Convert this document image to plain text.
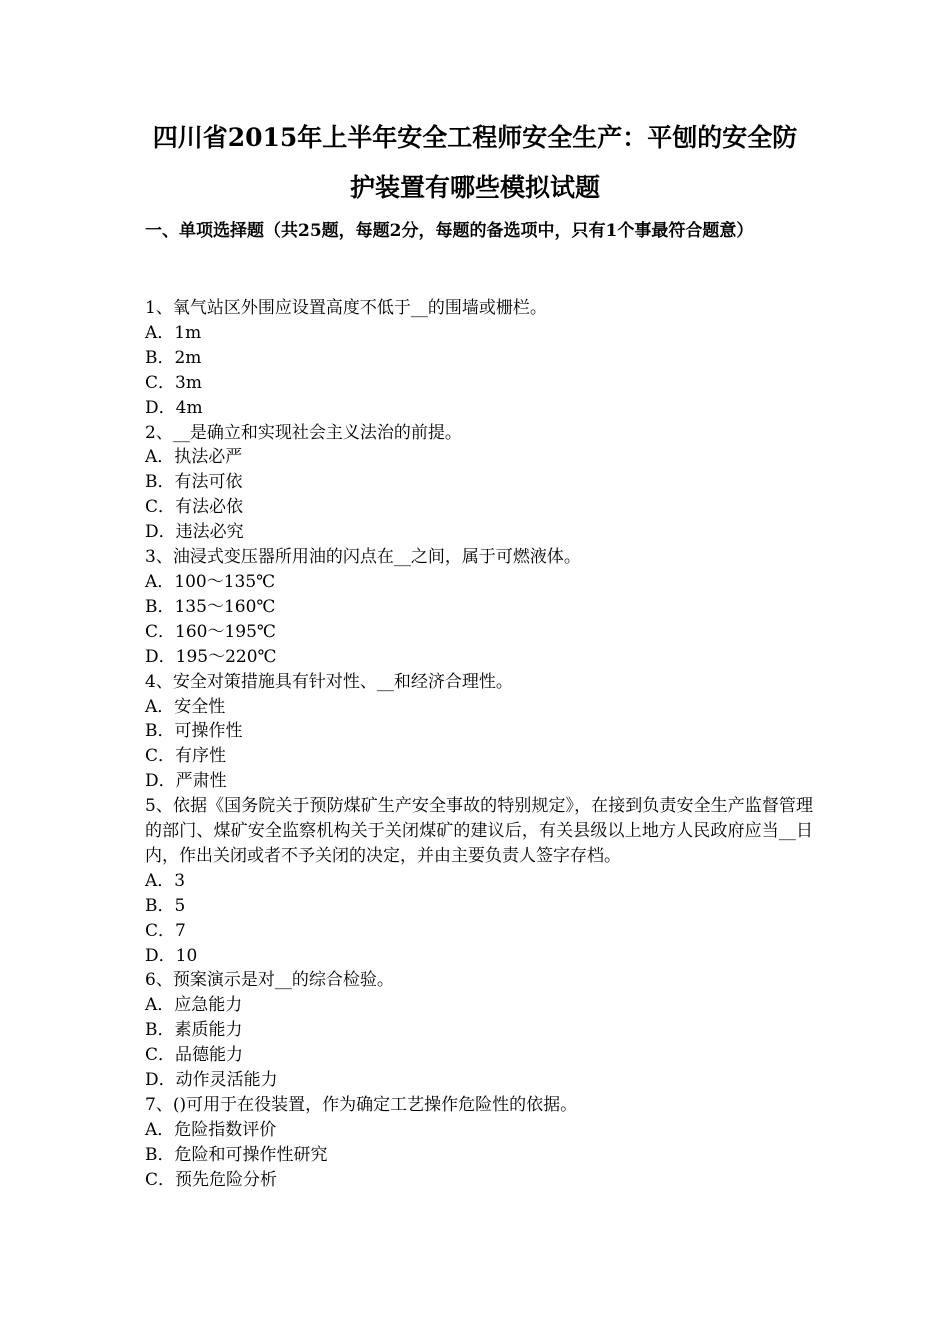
四川省2015年上半年安全工程师安全生产：平刨的安全防
护装置有哪些模拟试题
一、单项选择题（共25题，每题2分，每题的备选项中，只有1个事最符合题意）
1、氧气站区外围应设置高度不低于__的围墙或栅栏。
A．1m
B．2m
C．3m
D．4m
2、__是确立和实现社会主义法治的前提。
A．执法必严
B．有法可依
C．有法必依
D．违法必究
3、油浸式变压器所用油的闪点在__之间，属于可燃液体。
A．100～135℃
B．135～160℃
C．160～195℃
D．195～220℃
4、安全对策措施具有针对性、__和经济合理性。
A．安全性
B．可操作性
C．有序性
D．严肃性
5、依据《国务院关于预防煤矿生产安全事故的特别规定》，在接到负责安全生产监督管理的部门、煤矿安全监察机构关于关闭煤矿的建议后，有关县级以上地方人民政府应当__日内，作出关闭或者不予关闭的决定，并由主要负责人签字存档。
A．3
B．5
C．7
D．10
6、预案演示是对__的综合检验。
A．应急能力
B．素质能力
C．品德能力
D．动作灵活能力
7、()可用于在役装置，作为确定工艺操作危险性的依据。
A．危险指数评价
B．危险和可操作性研究
C．预先危险分析
